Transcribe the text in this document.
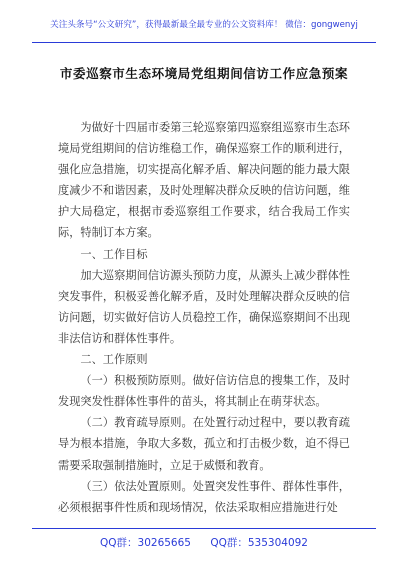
关注头条号“公文研究”，获得最新最全最专业的公文资料库！ 微信：gongwenyj
市委巡察市生态环境局党组期间信访工作应急预案

为做好十四届市委第三轮巡察第四巡察组巡察市生态环境局党组期间的信访维稳工作，确保巡察工作的顺利进行，强化应急措施，切实提高化解矛盾、解决问题的能力最大限度减少不和谐因素，及时处理解决群众反映的信访问题，维护大局稳定，根据市委巡察组工作要求，结合我局工作实际，特制订本方案。

一、工作目标

加大巡察期间信访源头预防力度，从源头上减少群体性突发事件，积极妥善化解矛盾，及时处理解决群众反映的信访问题，切实做好信访人员稳控工作，确保巡察期间不出现非法信访和群体性事件。

二、工作原则

（一）积极预防原则。做好信访信息的搜集工作，及时发现突发性群体性事件的苗头，将其制止在萌芽状态。

（二）教育疏导原则。在处置行动过程中，要以教育疏导为根本措施，争取大多数，孤立和打击极少数，迫不得已需要采取强制措施时，立足于威慑和教育。

（三）依法处置原则。处置突发性事件、群体性事件，必须根据事件性质和现场情况，依法采取相应措施进行处

QQ群：30265665 QQ群：535304092
